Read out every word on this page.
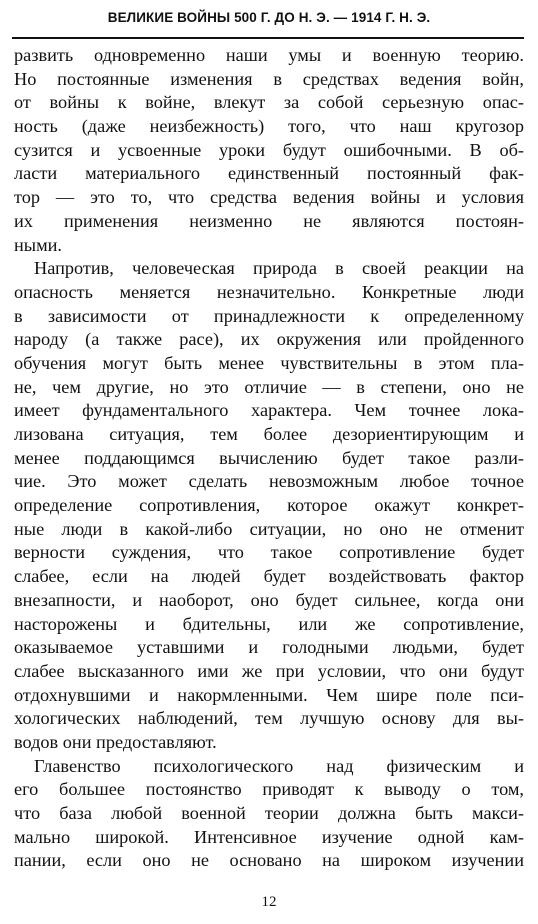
ВЕЛИКИЕ ВОЙНЫ 500 Г. ДО Н. Э. — 1914 Г. Н. Э.
развить одновременно наши умы и военную теорию.
Но постоянные изменения в средствах ведения войн,
от войны к войне, влекут за собой серьезную опас-
ность (даже неизбежность) того, что наш кругозор
сузится и усвоенные уроки будут ошибочными. В об-
ласти материального единственный постоянный фак-
тор — это то, что средства ведения войны и условия
их применения неизменно не являются постоян-
ными.
Напротив, человеческая природа в своей реакции на
опасность меняется незначительно. Конкретные люди
в зависимости от принадлежности к определенному
народу (а также расе), их окружения или пройденного
обучения могут быть менее чувствительны в этом пла-
не, чем другие, но это отличие — в степени, оно не
имеет фундаментального характера. Чем точнее лока-
лизована ситуация, тем более дезориентирующим и
менее поддающимся вычислению будет такое разли-
чие. Это может сделать невозможным любое точное
определение сопротивления, которое окажут конкрет-
ные люди в какой-либо ситуации, но оно не отменит
верности суждения, что такое сопротивление будет
слабее, если на людей будет воздействовать фактор
внезапности, и наоборот, оно будет сильнее, когда они
насторожены и бдительны, или же сопротивление,
оказываемое уставшими и голодными людьми, будет
слабее высказанного ими же при условии, что они будут
отдохнувшими и накормленными. Чем шире поле пси-
хологических наблюдений, тем лучшую основу для вы-
водов они предоставляют.
Главенство психологического над физическим и
его большее постоянство приводят к выводу о том,
что база любой военной теории должна быть макси-
мально широкой. Интенсивное изучение одной кам-
пании, если оно не основано на широком изучении
12
